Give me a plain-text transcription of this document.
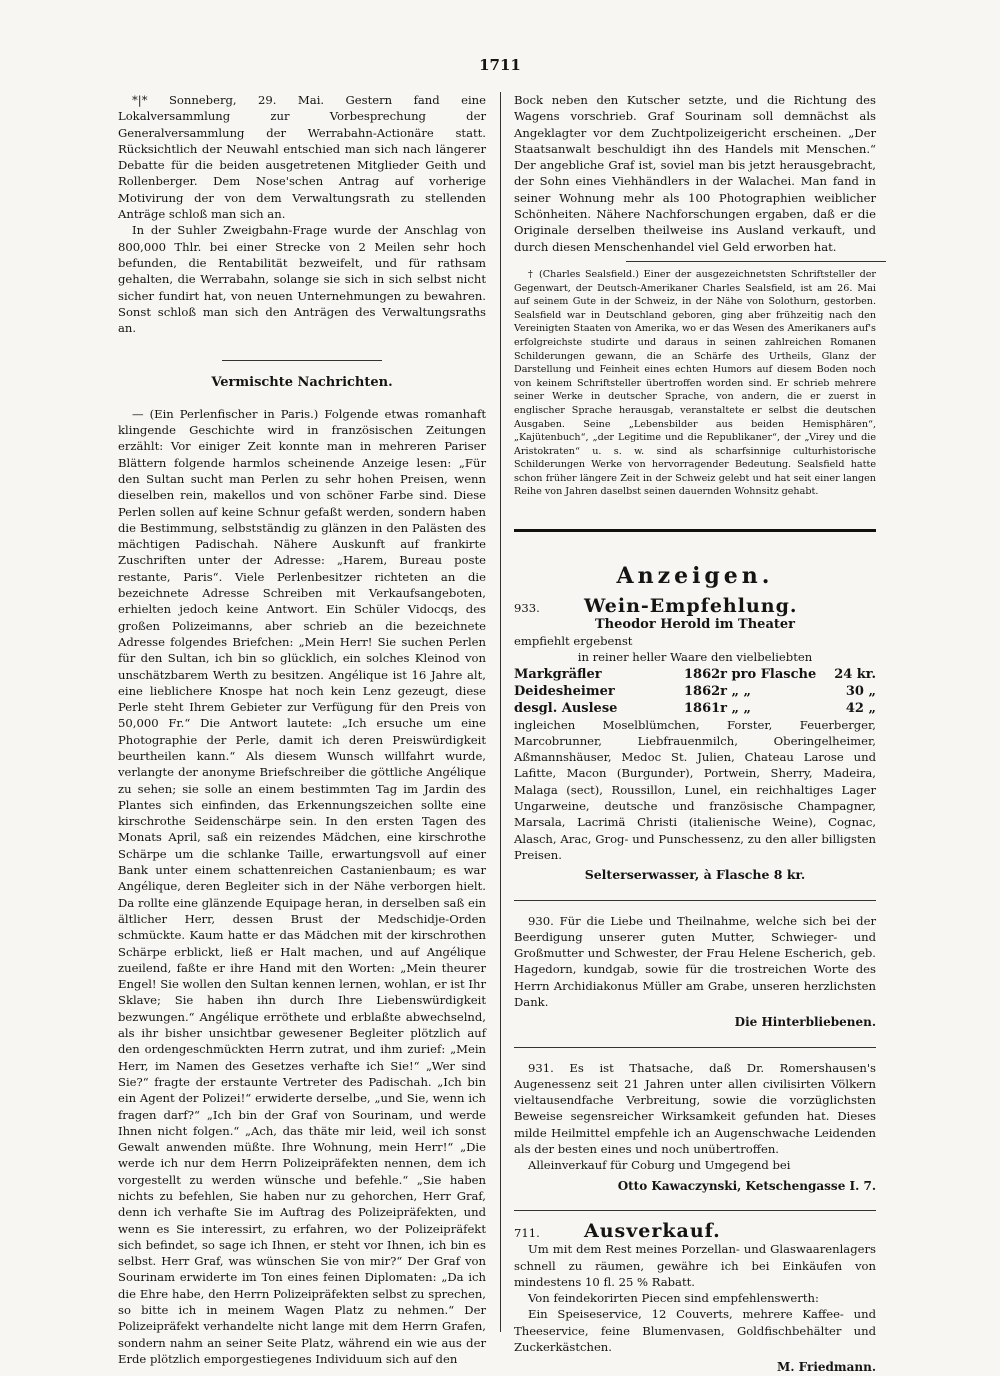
1711

*|* Sonneberg, 29. Mai. Gestern fand eine Lokalversammlung zur Vorbesprechung der Generalversammlung der Werrabahn-Actionäre statt. Rücksichtlich der Neuwahl entschied man sich nach längerer Debatte für die beiden ausgetretenen Mitglieder Geith und Rollenberger. Dem Nose'schen Antrag auf vorherige Motivirung der von dem Verwaltungsrath zu stellenden Anträge schloß man sich an.

In der Suhler Zweigbahn-Frage wurde der Anschlag von 800,000 Thlr. bei einer Strecke von 2 Meilen sehr hoch befunden, die Rentabilität bezweifelt, und für rathsam gehalten, die Werrabahn, solange sie sich in sich selbst nicht sicher fundirt hat, von neuen Unternehmungen zu bewahren. Sonst schloß man sich den Anträgen des Verwaltungsraths an.

Vermischte Nachrichten.

— (Ein Perlenfischer in Paris.) Folgende etwas romanhaft klingende Geschichte wird in französischen Zeitungen erzählt: Vor einiger Zeit konnte man in mehreren Pariser Blättern folgende harmlos scheinende Anzeige lesen: „Für den Sultan sucht man Perlen zu sehr hohen Preisen, wenn dieselben rein, makellos und von schöner Farbe sind. Diese Perlen sollen auf keine Schnur gefaßt werden, sondern haben die Bestimmung, selbstständig zu glänzen in den Palästen des mächtigen Padischah. Nähere Auskunft auf frankirte Zuschriften unter der Adresse: „Harem, Bureau poste restante, Paris“. Viele Perlenbesitzer richteten an die bezeichnete Adresse Schreiben mit Verkaufsangeboten, erhielten jedoch keine Antwort. Ein Schüler Vidocqs, des großen Polizeimanns, aber schrieb an die bezeichnete Adresse folgendes Briefchen: „Mein Herr! Sie suchen Perlen für den Sultan, ich bin so glücklich, ein solches Kleinod von unschätzbarem Werth zu besitzen. Angélique ist 16 Jahre alt, eine lieblichere Knospe hat noch kein Lenz gezeugt, diese Perle steht Ihrem Gebieter zur Verfügung für den Preis von 50,000 Fr.“ Die Antwort lautete: „Ich ersuche um eine Photographie der Perle, damit ich deren Preiswürdigkeit beurtheilen kann.“ Als diesem Wunsch willfahrt wurde, verlangte der anonyme Briefschreiber die göttliche Angélique zu sehen; sie solle an einem bestimmten Tag im Jardin des Plantes sich einfinden, das Erkennungszeichen sollte eine kirschrothe Seidenschärpe sein. In den ersten Tagen des Monats April, saß ein reizendes Mädchen, eine kirschrothe Schärpe um die schlanke Taille, erwartungsvoll auf einer Bank unter einem schattenreichen Castanienbaum; es war Angélique, deren Begleiter sich in der Nähe verborgen hielt. Da rollte eine glänzende Equipage heran, in derselben saß ein ältlicher Herr, dessen Brust der Medschidje-Orden schmückte. Kaum hatte er das Mädchen mit der kirschrothen Schärpe erblickt, ließ er Halt machen, und auf Angélique zueilend, faßte er ihre Hand mit den Worten: „Mein theurer Engel! Sie wollen den Sultan kennen lernen, wohlan, er ist Ihr Sklave; Sie haben ihn durch Ihre Liebenswürdigkeit bezwungen.“ Angélique erröthete und erblaßte abwechselnd, als ihr bisher unsichtbar gewesener Begleiter plötzlich auf den ordengeschmückten Herrn zutrat, und ihm zurief: „Mein Herr, im Namen des Gesetzes verhafte ich Sie!“ „Wer sind Sie?“ fragte der erstaunte Vertreter des Padischah. „Ich bin ein Agent der Polizei!“ erwiderte derselbe, „und Sie, wenn ich fragen darf?“ „Ich bin der Graf von Sourinam, und werde Ihnen nicht folgen.“ „Ach, das thäte mir leid, weil ich sonst Gewalt anwenden müßte. Ihre Wohnung, mein Herr!“ „Die werde ich nur dem Herrn Polizeipräfekten nennen, dem ich vorgestellt zu werden wünsche und befehle.“ „Sie haben nichts zu befehlen, Sie haben nur zu gehorchen, Herr Graf, denn ich verhafte Sie im Auftrag des Polizeipräfekten, und wenn es Sie interessirt, zu erfahren, wo der Polizeipräfekt sich befindet, so sage ich Ihnen, er steht vor Ihnen, ich bin es selbst. Herr Graf, was wünschen Sie von mir?“ Der Graf von Sourinam erwiderte im Ton eines feinen Diplomaten: „Da ich die Ehre habe, den Herrn Polizeipräfekten selbst zu sprechen, so bitte ich in meinem Wagen Platz zu nehmen.“ Der Polizeipräfekt verhandelte nicht lange mit dem Herrn Grafen, sondern nahm an seiner Seite Platz, während ein wie aus der Erde plötzlich emporgestiegenes Individuum sich auf den

Bock neben den Kutscher setzte, und die Richtung des Wagens vorschrieb. Graf Sourinam soll demnächst als Angeklagter vor dem Zuchtpolizeigericht erscheinen. „Der Staatsanwalt beschuldigt ihn des Handels mit Menschen.“ Der angebliche Graf ist, soviel man bis jetzt herausgebracht, der Sohn eines Viehhändlers in der Walachei. Man fand in seiner Wohnung mehr als 100 Photographien weiblicher Schönheiten. Nähere Nachforschungen ergaben, daß er die Originale derselben theilweise ins Ausland verkauft, und durch diesen Menschenhandel viel Geld erworben hat.

† (Charles Sealsfield.) Einer der ausgezeichnetsten Schriftsteller der Gegenwart, der Deutsch-Amerikaner Charles Sealsfield, ist am 26. Mai auf seinem Gute in der Schweiz, in der Nähe von Solothurn, gestorben. Sealsfield war in Deutschland geboren, ging aber frühzeitig nach den Vereinigten Staaten von Amerika, wo er das Wesen des Amerikaners auf's erfolgreichste studirte und daraus in seinen zahlreichen Romanen Schilderungen gewann, die an Schärfe des Urtheils, Glanz der Darstellung und Feinheit eines echten Humors auf diesem Boden noch von keinem Schriftsteller übertroffen worden sind. Er schrieb mehrere seiner Werke in deutscher Sprache, von andern, die er zuerst in englischer Sprache herausgab, veranstaltete er selbst die deutschen Ausgaben. Seine „Lebensbilder aus beiden Hemisphären“, „Kajütenbuch“, „der Legitime und die Republikaner“, der „Virey und die Aristokraten“ u. s. w. sind als scharfsinnige culturhistorische Schilderungen Werke von hervorragender Bedeutung. Sealsfield hatte schon früher längere Zeit in der Schweiz gelebt und hat seit einer langen Reihe von Jahren daselbst seinen dauernden Wohnsitz gehabt.

Anzeigen.
933.	Wein-Empfehlung.
Theodor Herold im Theater

empfiehlt ergebenst

in reiner heller Waare den vielbeliebten

Markgräfler	1862r pro Flasche	24 kr.
Deidesheimer	1862r „ „	30 „
desgl. Auslese	1861r „ „	42 „

ingleichen Moselblümchen, Forster, Feuerberger, Marcobrunner, Liebfrauenmilch, Oberingelheimer, Aßmannshäuser, Medoc St. Julien, Chateau Larose und Lafitte, Macon (Burgunder), Portwein, Sherry, Madeira, Malaga (sect), Roussillon, Lunel, ein reichhaltiges Lager Ungarweine, deutsche und französische Champagner, Marsala, Lacrimä Christi (italienische Weine), Cognac, Alasch, Arac, Grog- und Punschessenz, zu den aller billigsten Preisen.

Selterserwasser, à Flasche 8 kr.

930. Für die Liebe und Theilnahme, welche sich bei der Beerdigung unserer guten Mutter, Schwieger- und Großmutter und Schwester, der Frau Helene Escherich, geb. Hagedorn, kundgab, sowie für die trostreichen Worte des Herrn Archidiakonus Müller am Grabe, unseren herzlichsten Dank.

Die Hinterbliebenen.

931. Es ist Thatsache, daß Dr. Romershausen's Augenessenz seit 21 Jahren unter allen civilisirten Völkern vieltausendfache Verbreitung, sowie die vorzüglichsten Beweise segensreicher Wirksamkeit gefunden hat. Dieses milde Heilmittel empfehle ich an Augenschwache Leidenden als der besten eines und noch unübertroffen.

Alleinverkauf für Coburg und Umgegend bei

Otto Kawaczynski, Ketschengasse I. 7.
711.	Ausverkauf.

Um mit dem Rest meines Porzellan- und Glaswaarenlagers schnell zu räumen, gewähre ich bei Einkäufen von mindestens 10 fl. 25 % Rabatt.

Von feindekorirten Piecen sind empfehlenswerth:

Ein Speiseservice, 12 Couverts, mehrere Kaffee- und Theeservice, feine Blumenvasen, Goldfischbehälter und Zuckerkästchen.

M. Friedmann.
